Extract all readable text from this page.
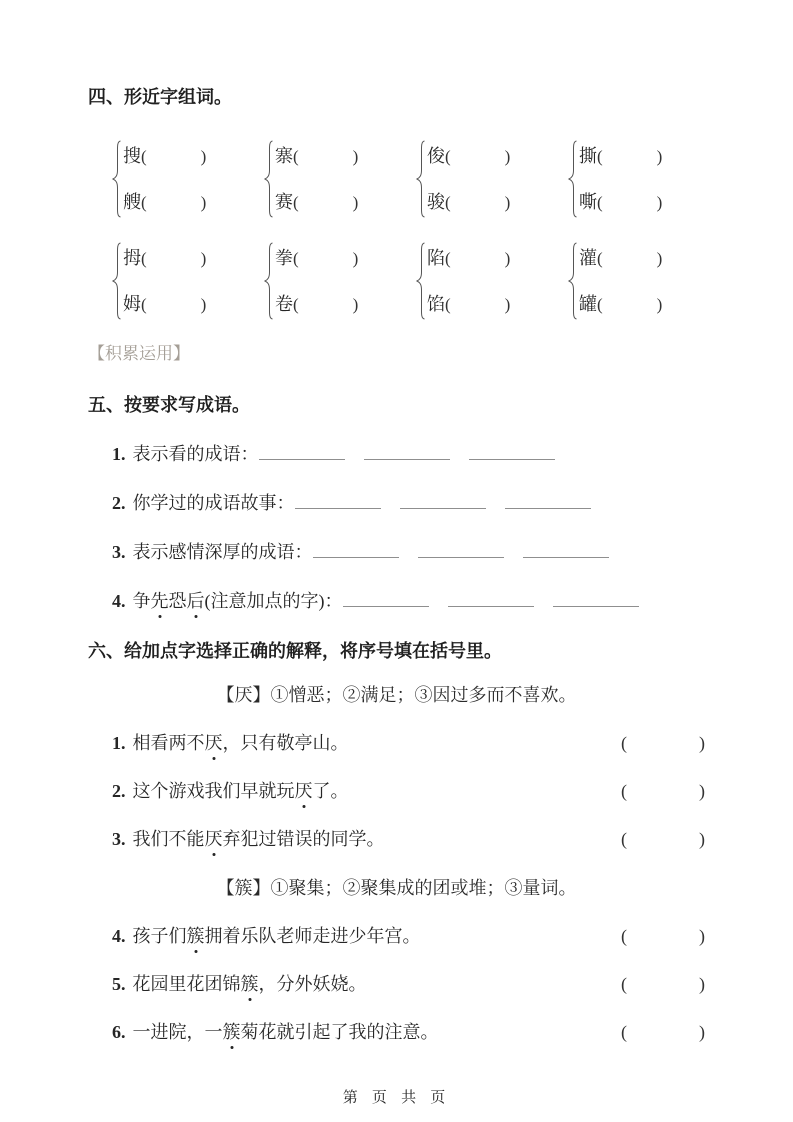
四、形近字组词。
搜 (	)
艘 (	)
寨 (	)
赛 (	)
俊 (	)
骏 (	)
撕 (	)
嘶 (	)
拇 (	)
姆 (	)
拳 (	)
卷 (	)
陷 (	)
馅 (	)
灌 (	)
罐 (	)
【积累运用】
五、按要求写成语。
1. 表示看的成语：
2. 你学过的成语故事：
3. 表示感情深厚的成语：
4. 争先恐后(注意加点的字)：
六、给加点字选择正确的解释，将序号填在括号里。
【厌】①憎恶；②满足；③因过多而不喜欢。
1. 相看两不厌，只有敬亭山。	(	)
2. 这个游戏我们早就玩厌了。	(	)
3. 我们不能厌弃犯过错误的同学。	(	)
【簇】①聚集；②聚集成的团或堆；③量词。
4. 孩子们簇拥着乐队老师走进少年宫。	(	)
5. 花园里花团锦簇，分外妖娆。	(	)
6. 一进院，一簇菊花就引起了我的注意。	(	)
第 页 共 页
